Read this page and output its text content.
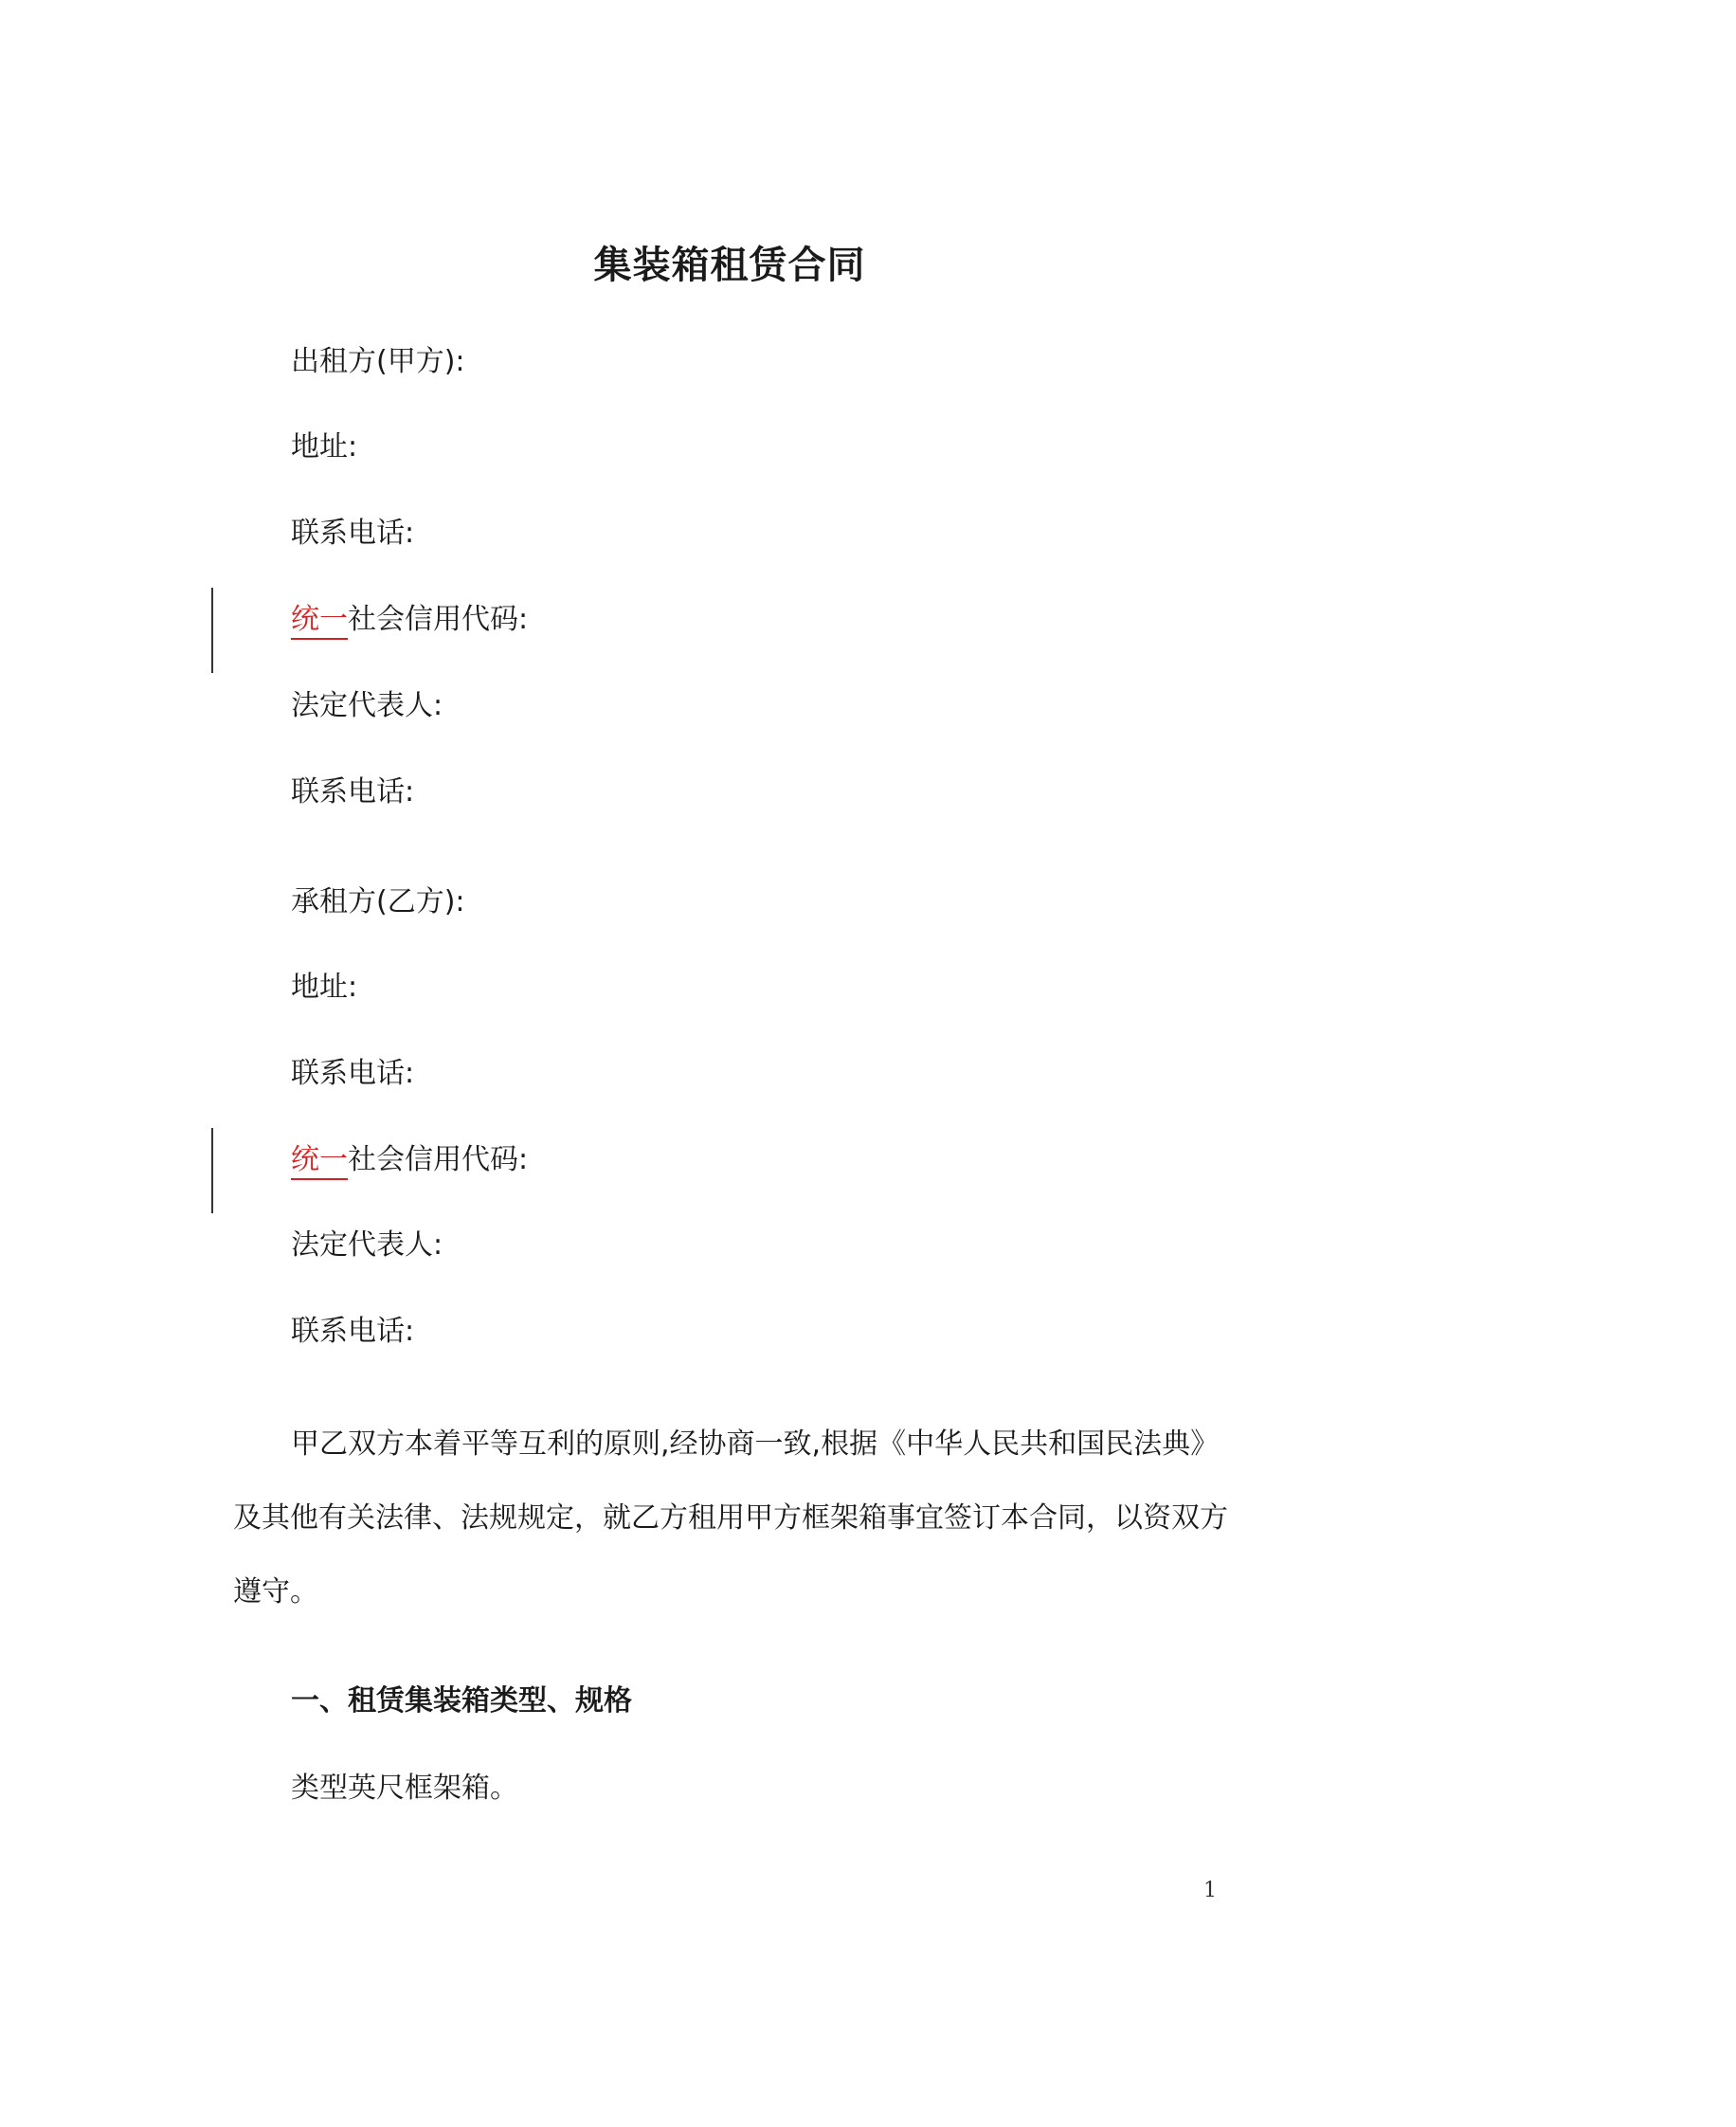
集装箱租赁合同
出租方(甲方):
地址:
联系电话:
统一社会信用代码:
法定代表人:
联系电话:
承租方(乙方):
地址:
联系电话:
统一社会信用代码:
法定代表人:
联系电话:
甲乙双方本着平等互利的原则,经协商一致,根据《中华人民共和国民法典》
及其他有关法律、法规规定，就乙方租用甲方框架箱事宜签订本合同，以资双方
遵守。
一、租赁集装箱类型、规格
类型英尺框架箱。
1
